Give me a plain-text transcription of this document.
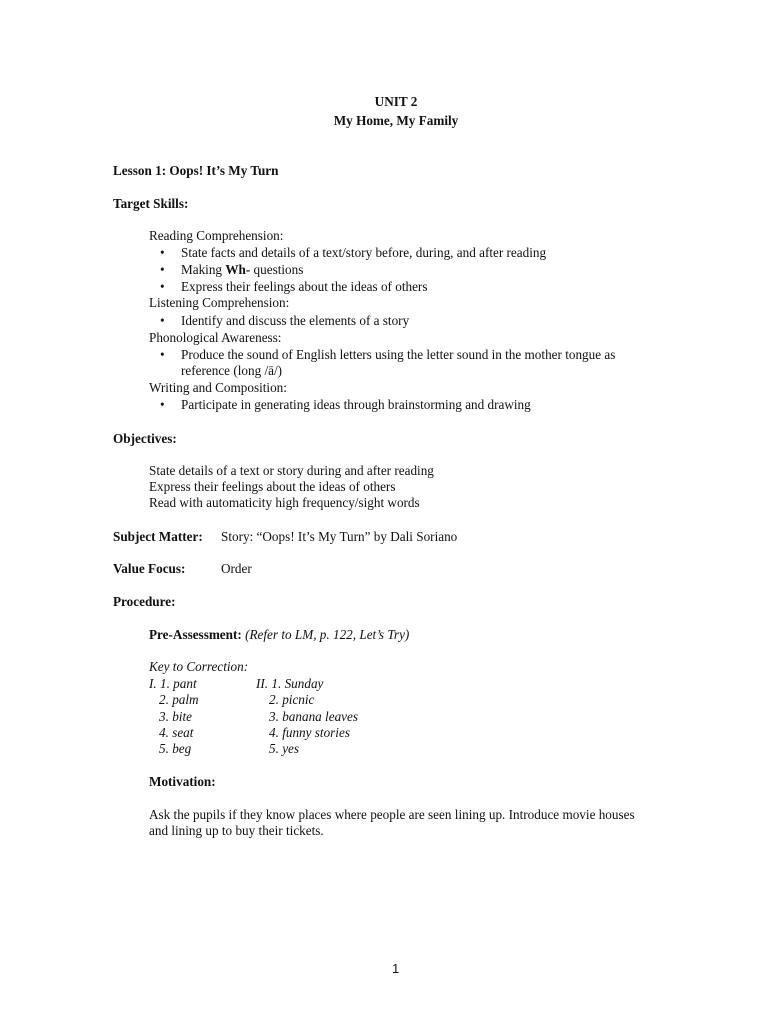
UNIT 2
My Home, My Family
Lesson 1: Oops! It’s My Turn
Target Skills:
Reading Comprehension:
• State facts and details of a text/story before, during, and after reading
• Making Wh- questions
• Express their feelings about the ideas of others
Listening Comprehension:
• Identify and discuss the elements of a story
Phonological Awareness:
• Produce the sound of English letters using the letter sound in the mother tongue as
reference (long /ā/)
Writing and Composition:
• Participate in generating ideas through brainstorming and drawing
Objectives:
State details of a text or story during and after reading
Express their feelings about the ideas of others
Read with automaticity high frequency/sight words
Subject Matter: Story: “Oops! It’s My Turn” by Dali Soriano
Value Focus:	Order
Procedure:
Pre-Assessment: (Refer to LM, p. 122, Let’s Try)
Key to Correction:
I. 1. pant
2. palm
3. bite
4. seat
5. beg
II. 1. Sunday
2. picnic
3. banana leaves
4. funny stories
5. yes
Motivation:
Ask the pupils if they know places where people are seen lining up. Introduce movie houses
and lining up to buy their tickets.
1
